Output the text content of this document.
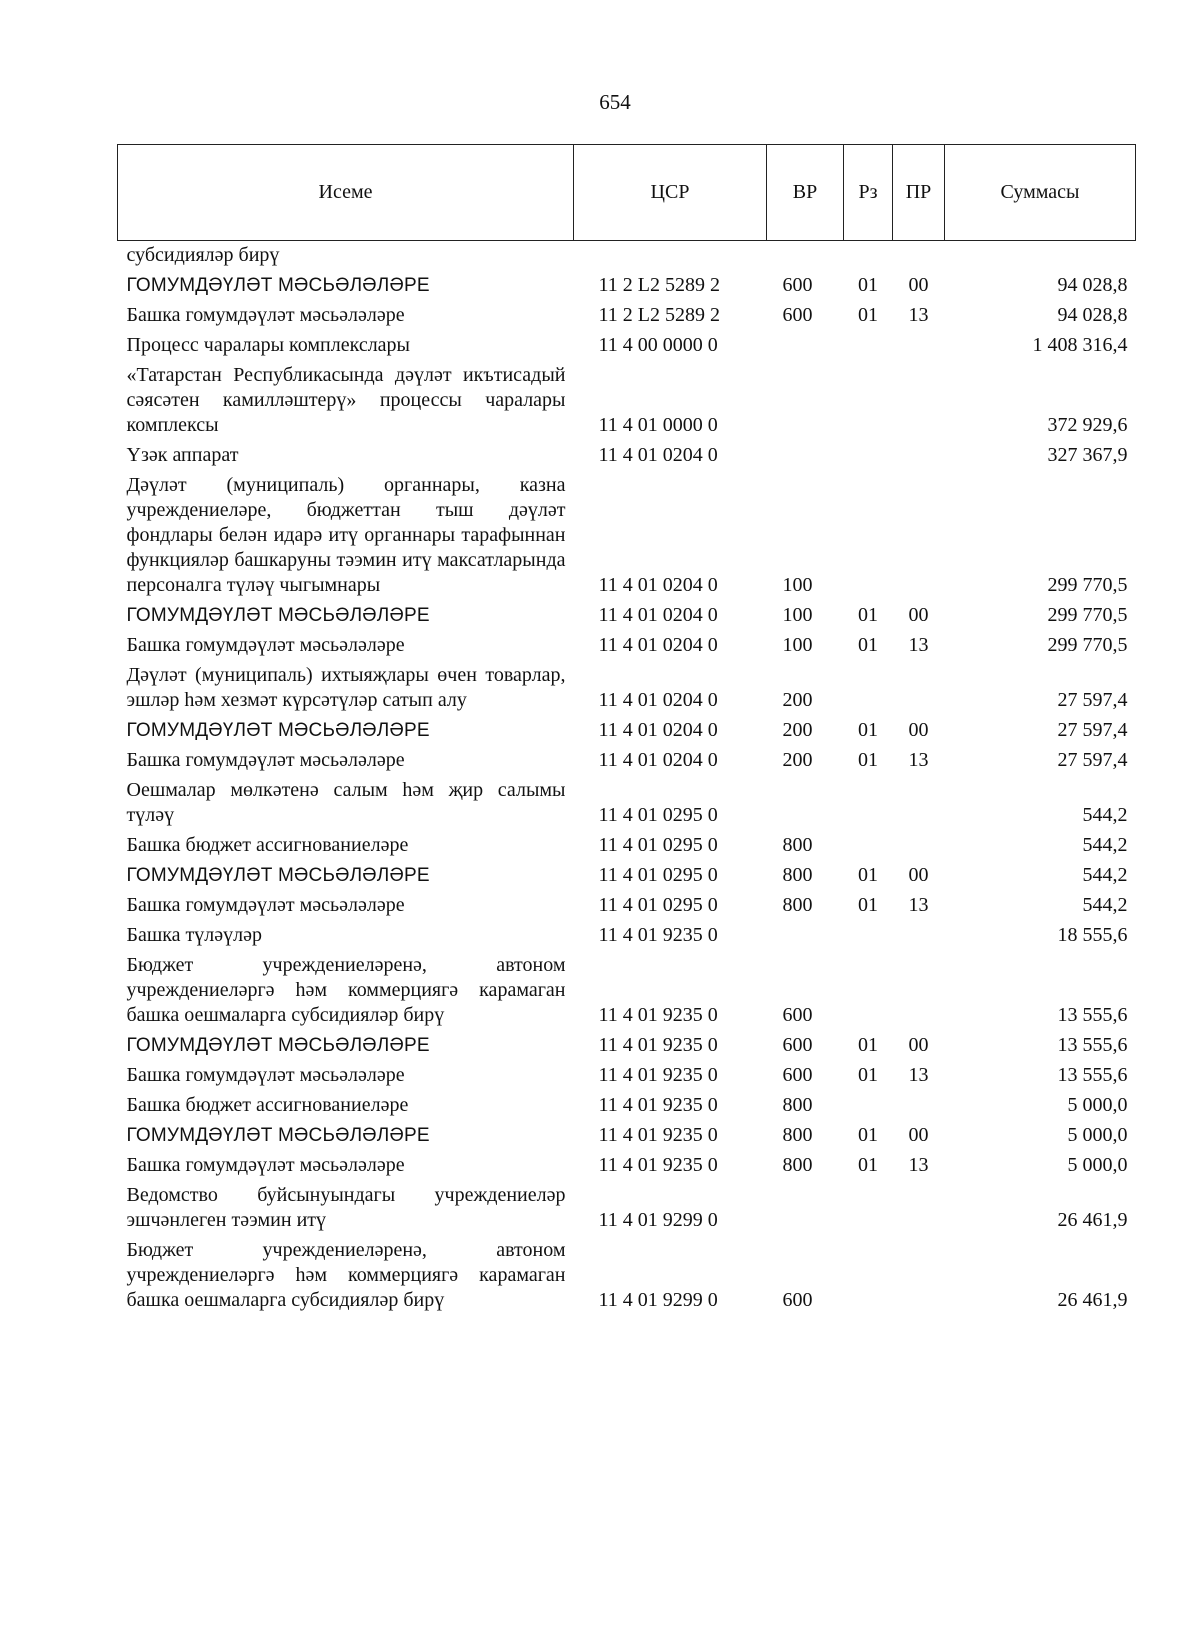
654
Исеме	ЦСР	ВР	Рз	ПР	Суммасы
субсидияләр бирү					
ГОМУМДӘҮЛӘТ МӘСЬӘЛӘЛӘРЕ	11 2 L2 5289 2	600	01	00	94 028,8
Башка гомумдәүләт мәсьәләләре	11 2 L2 5289 2	600	01	13	94 028,8
Процесс чаралары комплекслары	11 4 00 0000 0				1 408 316,4
«Татарстан Республикасында дәүләт икътисадый сәясәтен камилләштерү» процессы чаралары комплексы	11 4 01 0000 0				372 929,6
Үзәк аппарат	11 4 01 0204 0				327 367,9
Дәүләт (муниципаль) органнары, казна учреждениеләре, бюджеттан тыш дәүләт фондлары белән идарә итү органнары тарафыннан функцияләр башкаруны тәэмин итү максатларында персоналга түләү чыгымнары	11 4 01 0204 0	100			299 770,5
ГОМУМДӘҮЛӘТ МӘСЬӘЛӘЛӘРЕ	11 4 01 0204 0	100	01	00	299 770,5
Башка гомумдәүләт мәсьәләләре	11 4 01 0204 0	100	01	13	299 770,5
Дәүләт (муниципаль) ихтыяҗлары өчен товарлар, эшләр һәм хезмәт күрсәтүләр сатып алу	11 4 01 0204 0	200			27 597,4
ГОМУМДӘҮЛӘТ МӘСЬӘЛӘЛӘРЕ	11 4 01 0204 0	200	01	00	27 597,4
Башка гомумдәүләт мәсьәләләре	11 4 01 0204 0	200	01	13	27 597,4
Оешмалар мөлкәтенә салым һәм җир салымы түләү	11 4 01 0295 0				544,2
Башка бюджет ассигнованиеләре	11 4 01 0295 0	800			544,2
ГОМУМДӘҮЛӘТ МӘСЬӘЛӘЛӘРЕ	11 4 01 0295 0	800	01	00	544,2
Башка гомумдәүләт мәсьәләләре	11 4 01 0295 0	800	01	13	544,2
Башка түләүләр	11 4 01 9235 0				18 555,6
Бюджет учреждениеләренә, автоном учреждениеләргә һәм коммерциягә карамаган башка оешмаларга субсидияләр бирү	11 4 01 9235 0	600			13 555,6
ГОМУМДӘҮЛӘТ МӘСЬӘЛӘЛӘРЕ	11 4 01 9235 0	600	01	00	13 555,6
Башка гомумдәүләт мәсьәләләре	11 4 01 9235 0	600	01	13	13 555,6
Башка бюджет ассигнованиеләре	11 4 01 9235 0	800			5 000,0
ГОМУМДӘҮЛӘТ МӘСЬӘЛӘЛӘРЕ	11 4 01 9235 0	800	01	00	5 000,0
Башка гомумдәүләт мәсьәләләре	11 4 01 9235 0	800	01	13	5 000,0
Ведомство буйсынуындагы учреждениеләр эшчәнлеген тәэмин итү	11 4 01 9299 0				26 461,9
Бюджет учреждениеләренә, автоном учреждениеләргә һәм коммерциягә карамаган башка оешмаларга субсидияләр бирү	11 4 01 9299 0	600			26 461,9
